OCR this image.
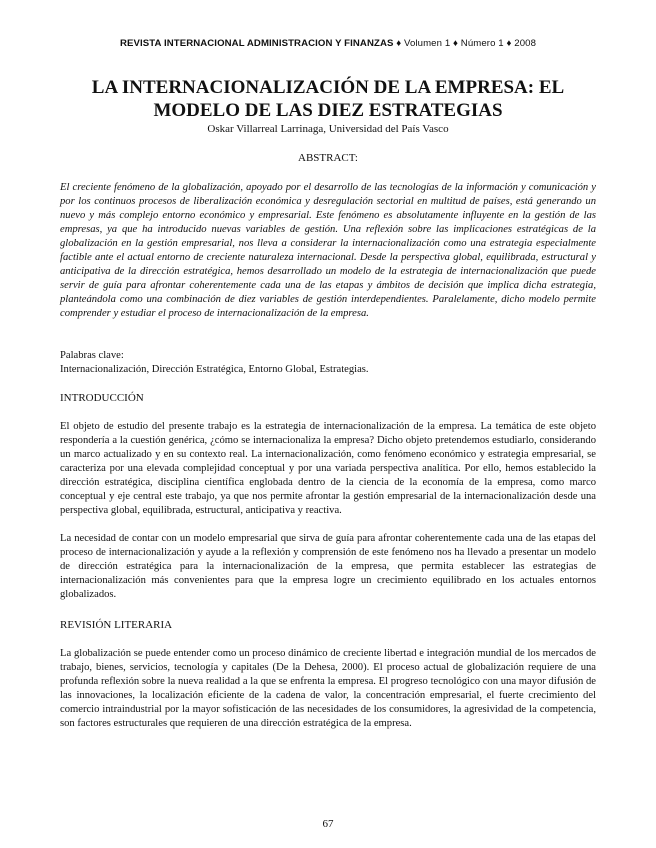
REVISTA INTERNACIONAL ADMINISTRACION Y FINANZAS ♦ Volumen 1 ♦ Número 1 ♦ 2008
LA INTERNACIONALIZACIÓN DE LA EMPRESA: EL MODELO DE LAS DIEZ ESTRATEGIAS
Oskar Villarreal Larrinaga, Universidad del País Vasco
ABSTRACT:

El creciente fenómeno de la globalización, apoyado por el desarrollo de las tecnologías de la información y comunicación y por los continuos procesos de liberalización económica y desregulación sectorial en multitud de países, está generando un nuevo y más complejo entorno económico y empresarial. Este fenómeno es absolutamente influyente en la gestión de las empresas, ya que ha introducido nuevas variables de gestión. Una reflexión sobre las implicaciones estratégicas de la globalización en la gestión empresarial, nos lleva a considerar la internacionalización como una estrategia especialmente factible ante el actual entorno de creciente naturaleza internacional. Desde la perspectiva global, equilibrada, estructural y anticipativa de la dirección estratégica, hemos desarrollado un modelo de la estrategia de internacionalización que puede servir de guía para afrontar coherentemente cada una de las etapas y ámbitos de decisión que implica dicha estrategia, planteándola como una combinación de diez variables de gestión interdependientes. Paralelamente, dicho modelo permite comprender y estudiar el proceso de internacionalización de la empresa.

Palabras clave:
Internacionalización, Dirección Estratégica, Entorno Global, Estrategias.
INTRODUCCIÓN

El objeto de estudio del presente trabajo es la estrategia de internacionalización de la empresa. La temática de este objeto respondería a la cuestión genérica, ¿cómo se internacionaliza la empresa? Dicho objeto pretendemos estudiarlo, considerando un marco actualizado y en su contexto real. La internacionalización, como fenómeno económico y estrategia empresarial, se caracteriza por una elevada complejidad conceptual y por una variada perspectiva analítica. Por ello, hemos establecido la dirección estratégica, disciplina científica englobada dentro de la ciencia de la economía de la empresa, como marco conceptual y eje central este trabajo, ya que nos permite afrontar la gestión empresarial de la internacionalización desde una perspectiva global, equilibrada, estructural, anticipativa y reactiva.

La necesidad de contar con un modelo empresarial que sirva de guía para afrontar coherentemente cada una de las etapas del proceso de internacionalización y ayude a la reflexión y comprensión de este fenómeno nos ha llevado a presentar un modelo de dirección estratégica para la internacionalización de la empresa, que permita establecer las estrategias de internacionalización más convenientes para que la empresa logre un crecimiento equilibrado en los actuales entornos globalizados.

REVISIÓN LITERARIA

La globalización se puede entender como un proceso dinámico de creciente libertad e integración mundial de los mercados de trabajo, bienes, servicios, tecnología y capitales (De la Dehesa, 2000). El proceso actual de globalización requiere de una profunda reflexión sobre la nueva realidad a la que se enfrenta la empresa. El progreso tecnológico con una mayor difusión de las innovaciones, la localización eficiente de la cadena de valor, la concentración empresarial, el fuerte crecimiento del comercio intraindustrial por la mayor sofisticación de las necesidades de los consumidores, la agresividad de la competencia, son factores estructurales que requieren de una dirección estratégica de la empresa.

67
